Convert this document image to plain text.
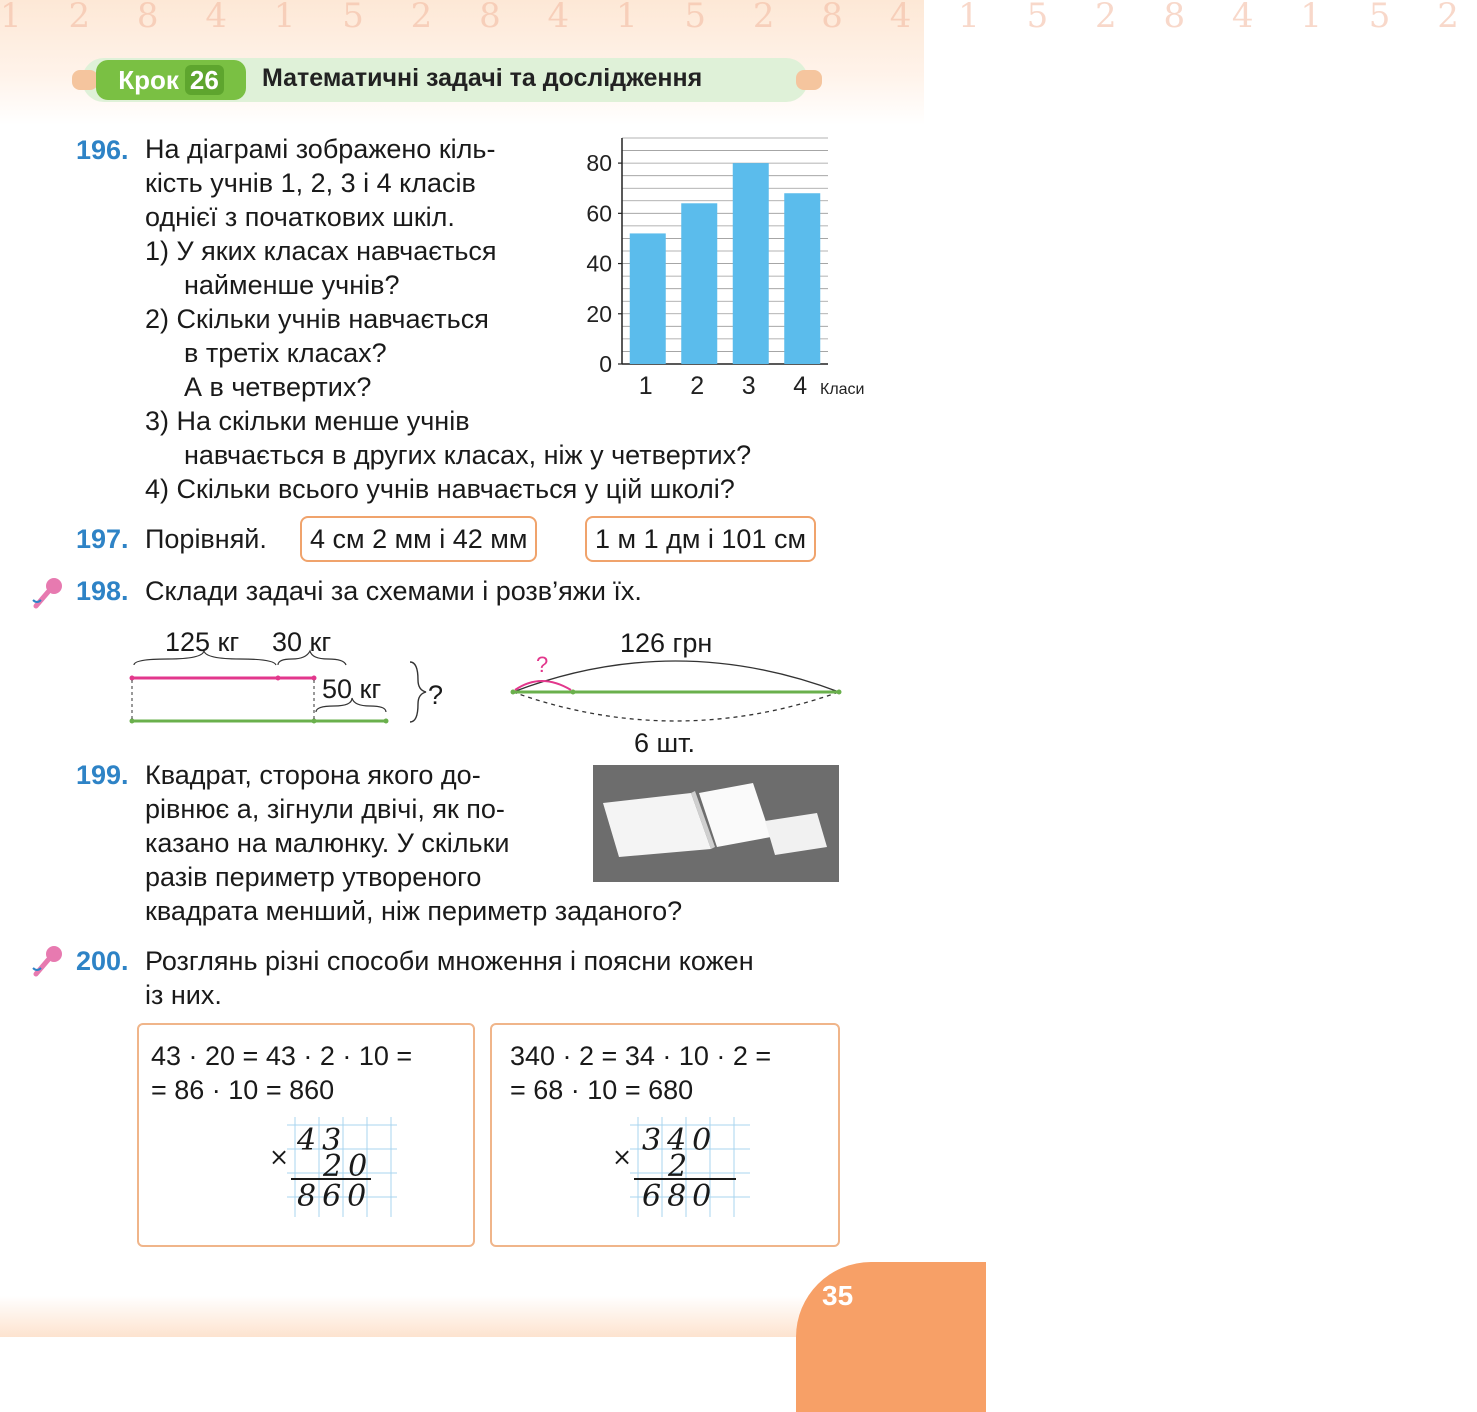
1 2 8 4 1 5 2 8 4 1 5 2 8 4 1 5 2 8 4 1 5 2
Крок 26	Математичні задачі та дослідження
196. На діаграмі зображено кіль-
кість учнів 1, 2, 3 і 4 класів
однієї з початкових шкіл.
1) У яких класах навчається
найменше учнів?
2) Скільки учнів навчається
в третіх класах?
А в четвертих?
3) На скільки менше учнів
навчається в других класах, ніж у четвертих?
4) Скільки всього учнів навчається у цій школі?
0
20
40
60
80
1 2 3 4 Класи
197. Порівняй.	4 см 2 мм і 42 мм	1 м 1 дм і 101 см
198. Склади задачі за схемами і розв’яжи їх.
125 кг 30 кг
50 кг ?
126 грн
?
6 шт.
199. Квадрат, сторона якого до-
рівнює а, зігнули двічі, як по-
казано на малюнку. У скільки
разів периметр утвореного
квадрата менший, ніж периметр заданого?
200. Розглянь різні способи множення і поясни кожен
із них.
43 · 20 = 43 · 2 · 10 =
= 86 · 10 = 860
× 43
20
860
340 · 2 = 34 · 10 · 2 =
= 68 · 10 = 680
× 340
2
680
35
